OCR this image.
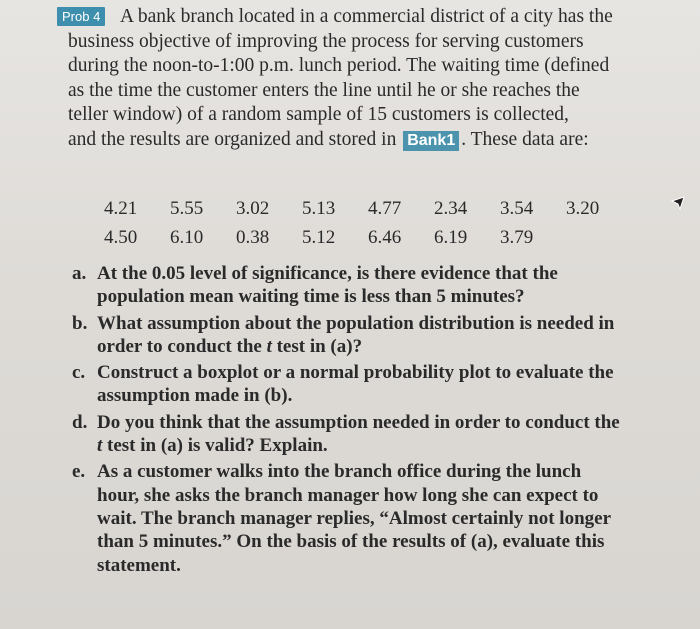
Prob 4	A bank branch located in a commercial district of a city has the
business objective of improving the process for serving customers
during the noon-to-1:00 p.m. lunch period. The waiting time (defined
as the time the customer enters the line until he or she reaches the
teller window) of a random sample of 15 customers is collected,
and the results are organized and stored in Bank1 . These data are:
4.21 5.55 3.02 5.13 4.77 2.34 3.54 3.20
4.50 6.10 0.38 5.12 6.46 6.19 3.79
a. At the 0.05 level of significance, is there evidence that the
population mean waiting time is less than 5 minutes?
b. What assumption about the population distribution is needed in
order to conduct the t test in (a)?
c. Construct a boxplot or a normal probability plot to evaluate the
assumption made in (b).
d. Do you think that the assumption needed in order to conduct the
t test in (a) is valid? Explain.
e. As a customer walks into the branch office during the lunch
hour, she asks the branch manager how long she can expect to
wait. The branch manager replies, “Almost certainly not longer
than 5 minutes.” On the basis of the results of (a), evaluate this
statement.
